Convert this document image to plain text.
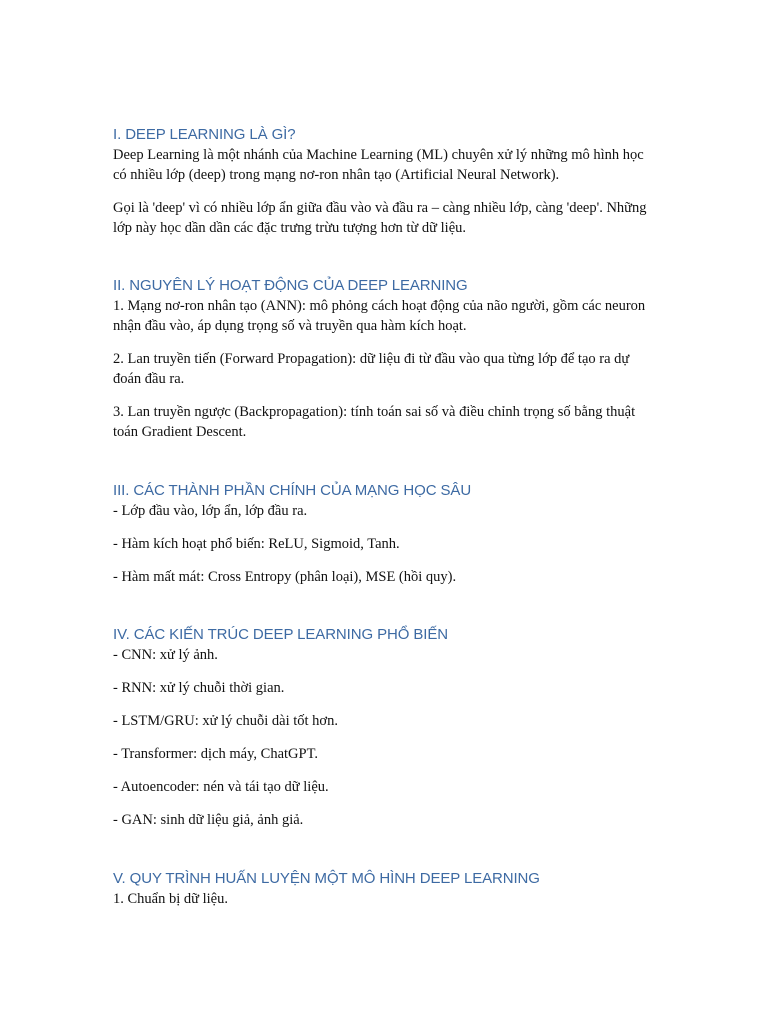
I. DEEP LEARNING LÀ GÌ?

Deep Learning là một nhánh của Machine Learning (ML) chuyên xử lý những mô hình học có nhiều lớp (deep) trong mạng nơ-ron nhân tạo (Artificial Neural Network).

Gọi là 'deep' vì có nhiều lớp ẩn giữa đầu vào và đầu ra – càng nhiều lớp, càng 'deep'. Những lớp này học dần dần các đặc trưng trừu tượng hơn từ dữ liệu.

II. NGUYÊN LÝ HOẠT ĐỘNG CỦA DEEP LEARNING

1. Mạng nơ-ron nhân tạo (ANN): mô phỏng cách hoạt động của não người, gồm các neuron nhận đầu vào, áp dụng trọng số và truyền qua hàm kích hoạt.

2. Lan truyền tiến (Forward Propagation): dữ liệu đi từ đầu vào qua từng lớp để tạo ra dự đoán đầu ra.

3. Lan truyền ngược (Backpropagation): tính toán sai số và điều chỉnh trọng số bằng thuật toán Gradient Descent.

III. CÁC THÀNH PHẦN CHÍNH CỦA MẠNG HỌC SÂU

- Lớp đầu vào, lớp ẩn, lớp đầu ra.

- Hàm kích hoạt phổ biến: ReLU, Sigmoid, Tanh.

- Hàm mất mát: Cross Entropy (phân loại), MSE (hồi quy).

IV. CÁC KIẾN TRÚC DEEP LEARNING PHỔ BIẾN

- CNN: xử lý ảnh.

- RNN: xử lý chuỗi thời gian.

- LSTM/GRU: xử lý chuỗi dài tốt hơn.

- Transformer: dịch máy, ChatGPT.

- Autoencoder: nén và tái tạo dữ liệu.

- GAN: sinh dữ liệu giả, ảnh giả.

V. QUY TRÌNH HUẤN LUYỆN MỘT MÔ HÌNH DEEP LEARNING

1. Chuẩn bị dữ liệu.
